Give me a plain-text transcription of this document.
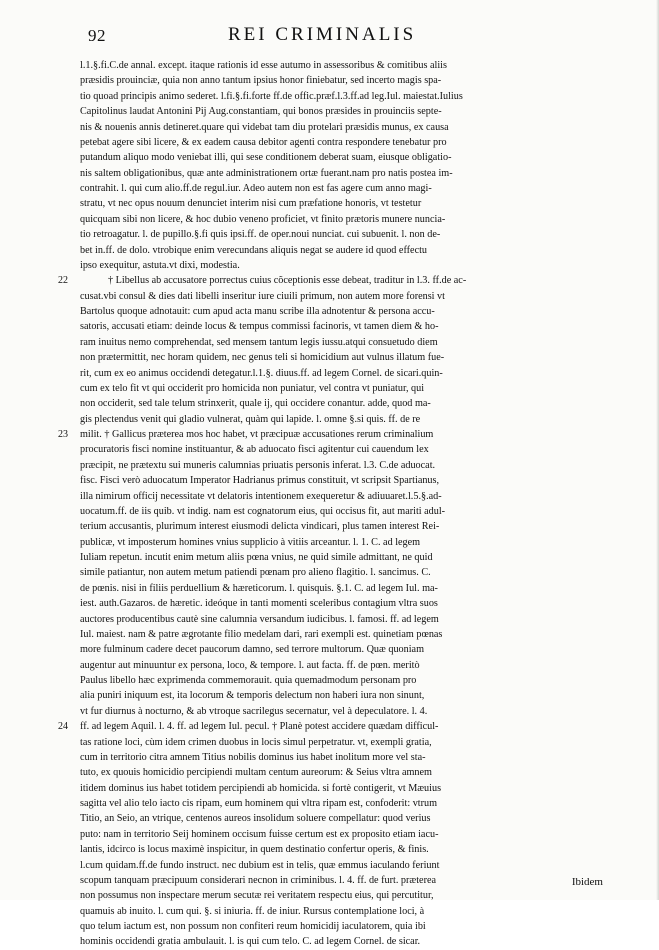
92	REI CRIMINALIS
l.1.§.fi.C.de annal. except. itaque rationis id esse autumo in assessoribus & comitibus aliis
præsidis prouinciæ, quia non anno tantum ipsius honor finiebatur, sed incerto magis spa-
tio quoad principis animo sederet. l.fi.§.fi.forte ff.de offic.præf.l.3.ff.ad leg.Iul. maiestat.Iulius
Capitolinus laudat Antonini Pij Aug.constantiam, qui bonos præsides in prouinciis septe-
nis & nouenis annis detineret.quare qui videbat tam diu protelari præsidis munus, ex causa
petebat agere sibi licere, & ex eadem causa debitor agenti contra respondere tenebatur pro
putandum aliquo modo veniebat illi, qui sese conditionem deberat suam, eiusque obligatio-
nis saltem obligationibus, quæ ante administrationem ortæ fuerant.nam pro natis postea im-
contrahit. l. qui cum alio.ff.de regul.iur. Adeo autem non est fas agere cum anno magi-
stratu, vt nec opus nouum denunciet interim nisi cum præfatione honoris, vt testetur
quicquam sibi non licere, & hoc dubio veneno proficiet, vt finito prætoris munere nuncia-
tio retroagatur. l. de pupillo.§.fi quis ipsi.ff. de oper.noui nunciat. cui subuenit. l. non de-
bet in.ff. de dolo. vtrobique enim verecundans aliquis negat se audere id quod effectu
ipso exequitur, astuta.vt dixi, modestia.
22	† Libellus ab accusatore porrectus cuius cõceptionis esse debeat, traditur in l.3. ff.de ac-
cusat.vbi consul & dies dati libelli inseritur iure ciuili primum, non autem more forensi vt
Bartolus quoque adnotauit: cum apud acta manu scribe illa adnotentur & persona accu-
satoris, accusati etiam: deinde locus & tempus commissi facinoris, vt tamen diem & ho-
ram inuitus nemo comprehendat, sed mensem tantum legis iussu.atqui consuetudo diem
non prætermittit, nec horam quidem, nec genus teli si homicidium aut vulnus illatum fue-
rit, cum ex eo animus occidendi detegatur.l.1.§. diuus.ff. ad legem Cornel. de sicari.quin-
cum ex telo fit vt qui occiderit pro homicida non puniatur, vel contra vt puniatur, qui
non occiderit, sed tale telum strinxerit, quale ij, qui occidere conantur. adde, quod ma-
gis plectendus venit qui gladio vulnerat, quàm qui lapide. l. omne §.si quis. ff. de re
23 milit. † Gallicus præterea mos hoc habet, vt præcipuæ accusationes rerum criminalium
procuratoris fisci nomine instituantur, & ab aduocato fisci agitentur cui cauendum lex
præcipit, ne prætextu sui muneris calumnias priuatis personis inferat. l.3. C.de aduocat.
fisc. Fisci verò aduocatum Imperator Hadrianus primus constituit, vt scripsit Spartianus,
illa nimirum officij necessitate vt delatoris intentionem exequeretur & adiuuaret.l.5.§.ad-
uocatum.ff. de iis quib. vt indig. nam est cognatorum eius, qui occisus fit, aut mariti adul-
terium accusantis, plurimum interest eiusmodi delicta vindicari, plus tamen interest Rei-
publicæ, vt imposterum homines vnius supplicio à vitiis arceantur. l. 1. C. ad legem
Iuliam repetun. incutit enim metum aliis pœna vnius, ne quid simile admittant, ne quid
simile patiantur, non autem metum patiendi pœnam pro alieno flagitio. l. sancimus. C.
de pœnis. nisi in filiis perduellium & hæreticorum. l. quisquis. §.1. C. ad legem Iul. ma-
iest. auth.Gazaros. de hæretic. ideóque in tanti momenti sceleribus contagium vltra suos
auctores producentibus cautè sine calumnia versandum iudicibus. l. famosi. ff. ad legem
Iul. maiest. nam & patre ægrotante filio medelam dari, rari exempli est. quinetiam pœnas
more fulminum cadere decet paucorum damno, sed terrore multorum. Quæ quoniam
augentur aut minuuntur ex persona, loco, & tempore. l. aut facta. ff. de pœn. meritò
Paulus libello hæc exprimenda commemorauit. quia quemadmodum personam pro
alia puniri iniquum est, ita locorum & temporis delectum non haberi iura non sinunt,
vt fur diurnus à nocturno, & ab vtroque sacrilegus secernatur, vel à depeculatore. l. 4.
24 ff. ad legem Aquil. l. 4. ff. ad legem Iul. pecul. † Planè potest accidere quædam difficul-
tas ratione loci, cùm idem crimen duobus in locis simul perpetratur. vt, exempli gratia,
cum in territorio citra amnem Titius nobilis dominus ius habet inolitum more vel sta-
tuto, ex quouis homicidio percipiendi multam centum aureorum: & Seius vltra amnem
itidem dominus ius habet totidem percipiendi ab homicida. si fortè contigerit, vt Mæuius
sagitta vel alio telo iacto cis ripam, eum hominem qui vltra ripam est, confoderit: vtrum
Titio, an Seio, an vtrique, centenos aureos insolidum soluere compellatur: quod verius
puto: nam in territorio Seij hominem occisum fuisse certum est ex proposito etiam iacu-
lantis, idcirco is locus maximè inspicitur, in quem destinatio confertur operis, & finis.
l.cum quidam.ff.de fundo instruct. nec dubium est in telis, quæ emmus iaculando feriunt
scopum tanquam præcipuum considerari necnon in criminibus. l. 4. ff. de furt. præterea
non possumus non inspectare merum secutæ rei veritatem respectu eius, qui percutitur,
quamuis ab inuito. l. cum qui. §. si iniuria. ff. de iniur. Rursus contemplatione loci, à
quo telum iactum est, non possum non confiteri reum homicidij iaculatorem, quia ibi
hominis occidendi gratia ambulauit. l. is qui cum telo. C. ad legem Cornel. de sicar.
Ibidem
